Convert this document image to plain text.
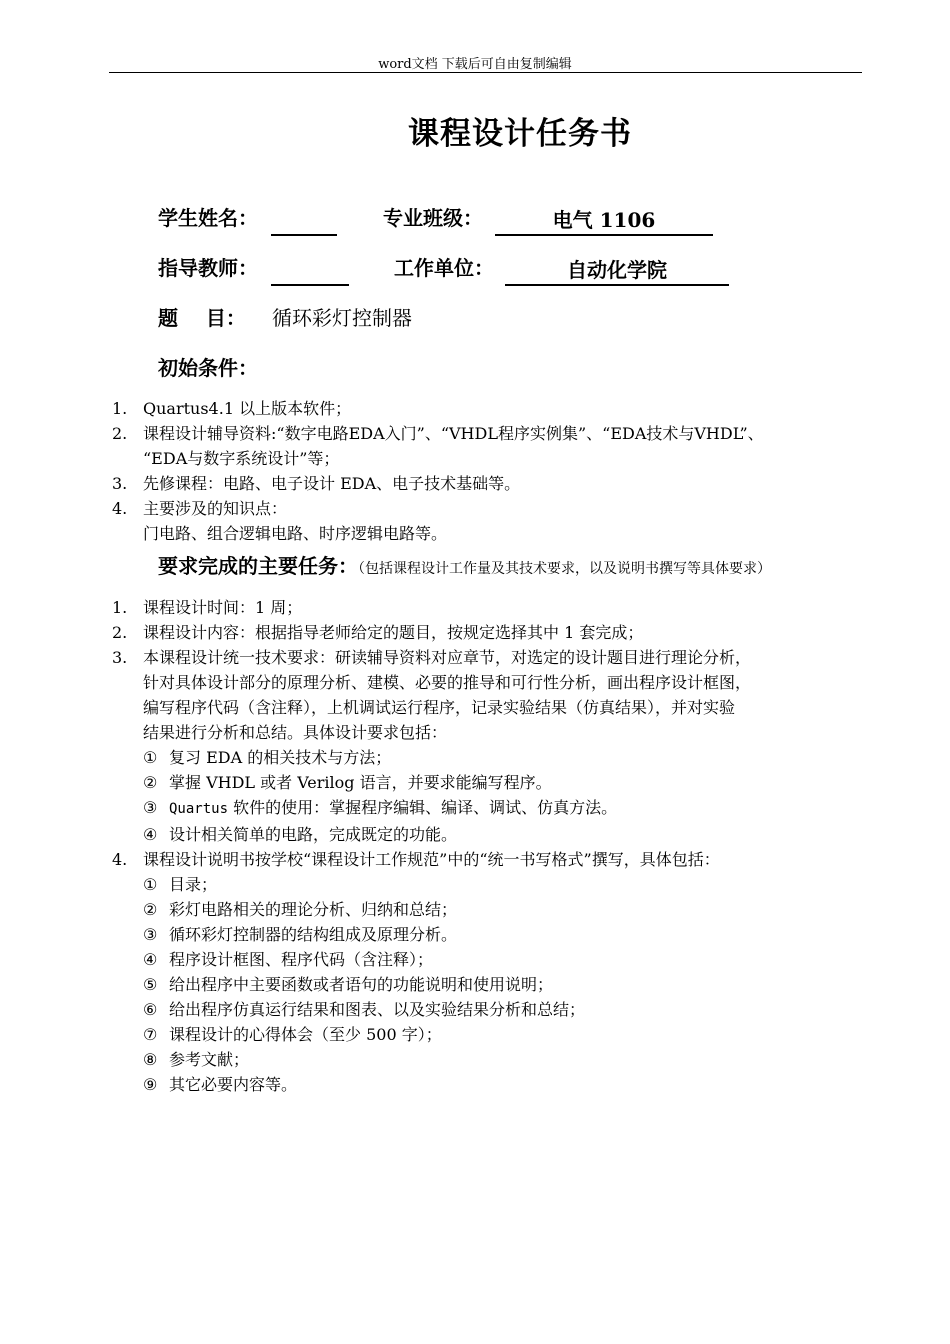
word文档 下载后可自由复制编辑
课程设计任务书
学生姓名：	专业班级：	电气 1106
指导教师：	工作单位：	自动化学院
题    目： 循环彩灯控制器
初始条件：
1. Quartus4.1 以上版本软件；
2. 课程设计辅导资料:“数字电路EDA入门”、“VHDL程序实例集”、“EDA技术与VHDL”、
“EDA与数字系统设计”等；
3. 先修课程：电路、电子设计 EDA、电子技术基础等。
4. 主要涉及的知识点：
门电路、组合逻辑电路、时序逻辑电路等。
要求完成的主要任务：（包括课程设计工作量及其技术要求，以及说明书撰写等具体要求）
1. 课程设计时间：1 周；
2. 课程设计内容：根据指导老师给定的题目，按规定选择其中 1 套完成；
3. 本课程设计统一技术要求：研读辅导资料对应章节，对选定的设计题目进行理论分析，
针对具体设计部分的原理分析、建模、必要的推导和可行性分析，画出程序设计框图，
编写程序代码（含注释），上机调试运行程序，记录实验结果（仿真结果），并对实验
结果进行分析和总结。具体设计要求包括：
① 复习 EDA 的相关技术与方法；
② 掌握 VHDL 或者 Verilog 语言，并要求能编写程序。
③ Quartus 软件的使用：掌握程序编辑、编译、调试、仿真方法。
④ 设计相关简单的电路，完成既定的功能。
4. 课程设计说明书按学校“课程设计工作规范”中的“统一书写格式”撰写，具体包括：
① 目录；
② 彩灯电路相关的理论分析、归纳和总结；
③ 循环彩灯控制器的结构组成及原理分析。
④ 程序设计框图、程序代码（含注释）；
⑤ 给出程序中主要函数或者语句的功能说明和使用说明；
⑥ 给出程序仿真运行结果和图表、以及实验结果分析和总结；
⑦ 课程设计的心得体会（至少 500 字）；
⑧ 参考文献；
⑨ 其它必要内容等。
